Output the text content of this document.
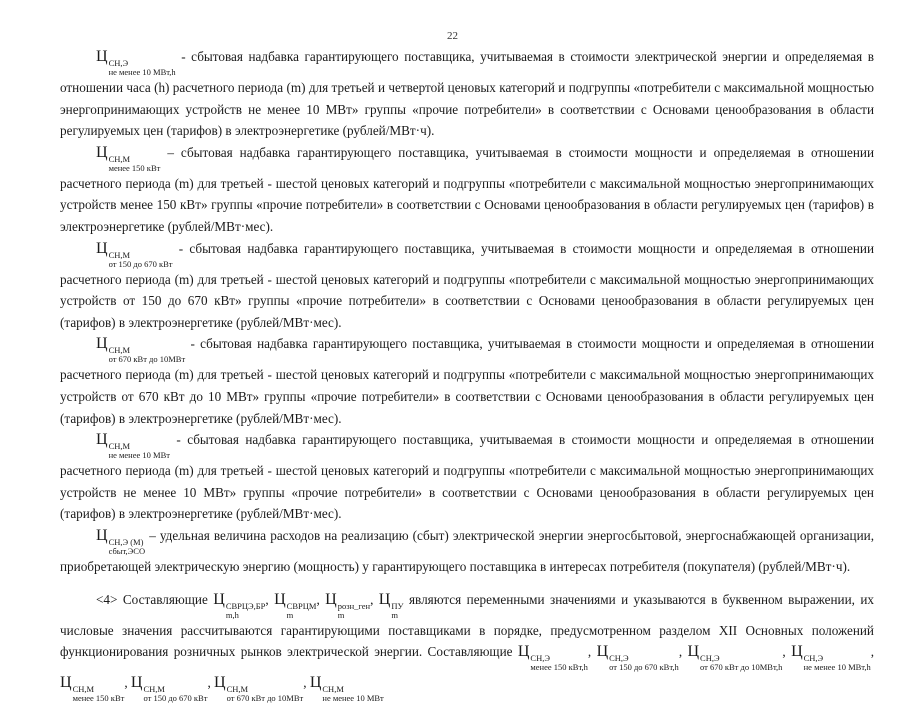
22

Ц СН,Э
не менее 10 МВт,h
- сбытовая надбавка гарантирующего поставщика, учитываемая в стоимости электрической энергии и определяемая в отношении часа (h) расчетного периода (m) для третьей и четвертой ценовых категорий и подгруппы «потребители с максимальной мощностью энергопринимающих устройств не менее 10 МВт» группы «прочие потребители» в соответствии с Основами ценообразования в области регулируемых цен (тарифов) в электроэнергетике (рублей/МВт·ч).

Ц СН,М
менее 150 кВт
– сбытовая надбавка гарантирующего поставщика, учитываемая в стоимости мощности и определяемая в отношении расчетного периода (m) для третьей - шестой ценовых категорий и подгруппы «потребители с максимальной мощностью энергопринимающих устройств менее 150 кВт» группы «прочие потребители» в соответствии с Основами ценообразования в области регулируемых цен (тарифов) в электроэнергетике (рублей/МВт·мес).

Ц СН,М
от 150 до 670 кВт
- сбытовая надбавка гарантирующего поставщика, учитываемая в стоимости мощности и определяемая в отношении расчетного периода (m) для третьей - шестой ценовых категорий и подгруппы «потребители с максимальной мощностью энергопринимающих устройств от 150 до 670 кВт» группы «прочие потребители» в соответствии с Основами ценообразования в области регулируемых цен (тарифов) в электроэнергетике (рублей/МВт·мес).

Ц СН,М
от 670 кВт до 10МВт
- сбытовая надбавка гарантирующего поставщика, учитываемая в стоимости мощности и определяемая в отношении расчетного периода (m) для третьей - шестой ценовых категорий и подгруппы «потребители с максимальной мощностью энергопринимающих устройств от 670 кВт до 10 МВт» группы «прочие потребители» в соответствии с Основами ценообразования в области регулируемых цен (тарифов) в электроэнергетике (рублей/МВт·мес).

Ц СН,М
не менее 10 МВт
- сбытовая надбавка гарантирующего поставщика, учитываемая в стоимости мощности и определяемая в отношении расчетного периода (m) для третьей - шестой ценовых категорий и подгруппы «потребители с максимальной мощностью энергопринимающих устройств не менее 10 МВт» группы «прочие потребители» в соответствии с Основами ценообразования в области регулируемых цен (тарифов) в электроэнергетике (рублей/МВт·мес).

Ц СН,Э (М)
сбыт,ЭСО
– удельная величина расходов на реализацию (сбыт) электрической энергии энергосбытовой, энергоснабжающей организации, приобретающей электрическую энергию (мощность) у гарантирующего поставщика в интересах потребителя (покупателя) (рублей/МВт·ч).

<4> Составляющие Ц СВРЦЭ,БР
m,h
, Ц СВРЦМ
m
, Ц розн_ген
m
, Ц ПУ
m
являются переменными значениями и указываются в буквенном выражении, их числовые значения рассчитываются гарантирующими поставщиками в порядке, предусмотренном разделом XII Основных положений функционирования розничных рынков электрической энергии. Составляющие Ц СН,Э
менее 150 кВт,h
, Ц СН,Э
от 150 до 670 кВт,h
, Ц СН,Э
от 670 кВт до 10МВт,h
, Ц СН,Э
не менее 10 МВт,h
, Ц СН,М
менее 150 кВт
, Ц СН,М
от 150 до 670 кВт
, Ц СН,М
от 670 кВт до 10МВт
, Ц СН,М
не менее 10 МВт
